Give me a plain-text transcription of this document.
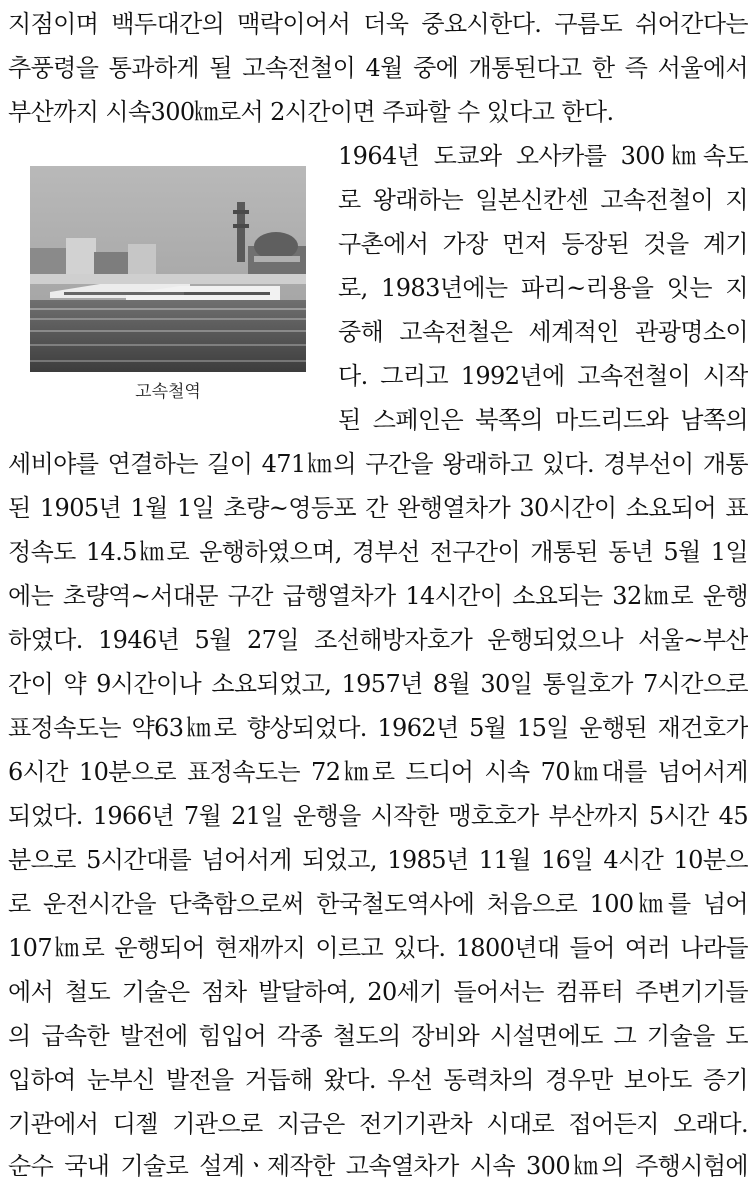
지점이며 백두대간의 맥락이어서 더욱 중요시한다. 구름도 쉬어간다는
추풍령을 통과하게 될 고속전철이 4월 중에 개통된다고 한 즉 서울에서
부산까지 시속300㎞로서 2시간이면 주파할 수 있다고 한다.
1964년 도쿄와 오사카를 300㎞속도
로 왕래하는 일본신칸센 고속전철이 지
구촌에서 가장 먼저 등장된 것을 계기
로, 1983년에는 파리~리용을 잇는 지
중해 고속전철은 세계적인 관광명소이
다. 그리고 1992년에 고속전철이 시작
된 스페인은 북쪽의 마드리드와 남쪽의
세비야를 연결하는 길이 471㎞의 구간을 왕래하고 있다. 경부선이 개통
된 1905년 1월 1일 초량~영등포 간 완행열차가 30시간이 소요되어 표
정속도 14.5㎞로 운행하였으며, 경부선 전구간이 개통된 동년 5월 1일
에는 초량역~서대문 구간 급행열차가 14시간이 소요되는 32㎞로 운행
하였다. 1946년 5월 27일 조선해방자호가 운행되었으나 서울~부산
간이 약 9시간이나 소요되었고, 1957년 8월 30일 통일호가 7시간으로
표정속도는 약63㎞로 향상되었다. 1962년 5월 15일 운행된 재건호가
6시간 10분으로 표정속도는 72㎞로 드디어 시속 70㎞대를 넘어서게
되었다. 1966년 7월 21일 운행을 시작한 맹호호가 부산까지 5시간 45
분으로 5시간대를 넘어서게 되었고, 1985년 11월 16일 4시간 10분으
로 운전시간을 단축함으로써 한국철도역사에 처음으로 100㎞를 넘어
107㎞로 운행되어 현재까지 이르고 있다. 1800년대 들어 여러 나라들
에서 철도 기술은 점차 발달하여, 20세기 들어서는 컴퓨터 주변기기들
의 급속한 발전에 힘입어 각종 철도의 장비와 시설면에도 그 기술을 도
입하여 눈부신 발전을 거듭해 왔다. 우선 동력차의 경우만 보아도 증기
기관에서 디젤 기관으로 지금은 전기기관차 시대로 접어든지 오래다.
순수 국내 기술로 설계ㆍ제작한 고속열차가 시속 300㎞의 주행시험에
고속철역
